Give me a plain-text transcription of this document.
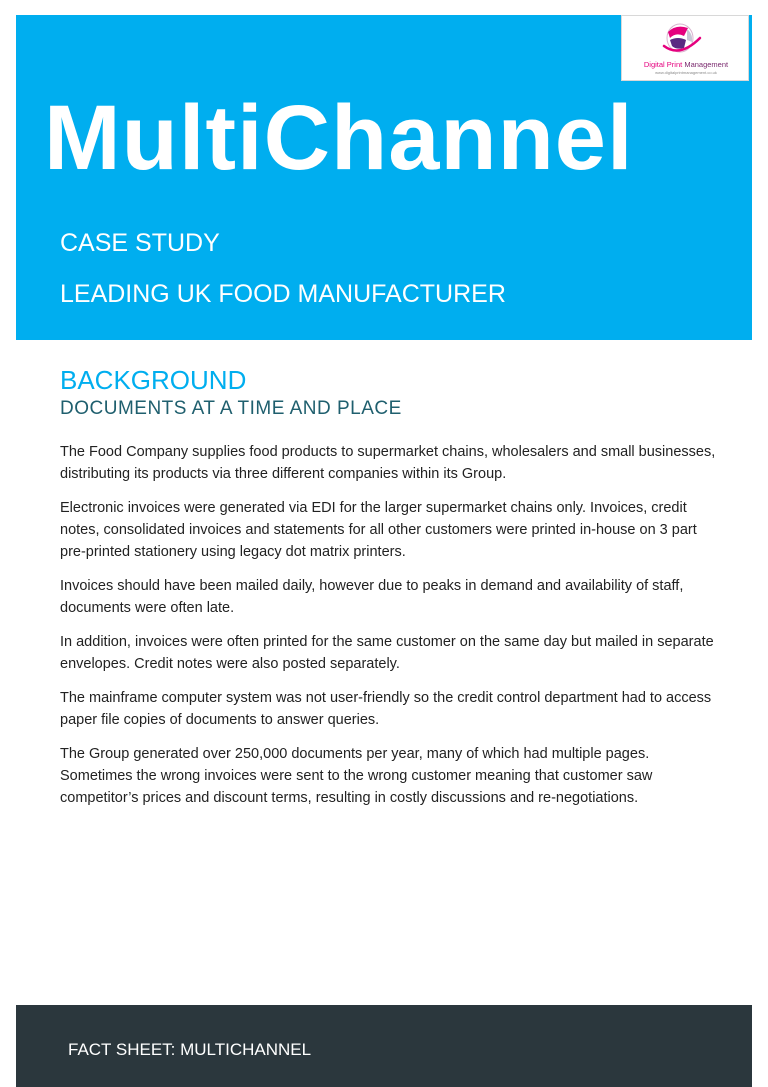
Digital Print Management
www.digitalprintmanagement.co.uk
MultiChannel
CASE STUDY
LEADING UK FOOD MANUFACTURER
BACKGROUND
DOCUMENTS AT A TIME AND PLACE

The Food Company supplies food products to supermarket chains, wholesalers and small businesses, distributing its products via three different companies within its Group.

Electronic invoices were generated via EDI for the larger supermarket chains only. Invoices, credit notes, consolidated invoices and statements for all other customers were printed in-house on 3 part pre-printed stationery using legacy dot matrix printers.

Invoices should have been mailed daily, however due to peaks in demand and availability of staff, documents were often late.

In addition, invoices were often printed for the same customer on the same day but mailed in separate envelopes. Credit notes were also posted separately.

The mainframe computer system was not user-friendly so the credit control department had to access paper file copies of documents to answer queries.

The Group generated over 250,000 documents per year, many of which had multiple pages. Sometimes the wrong invoices were sent to the wrong customer meaning that customer saw competitor’s prices and discount terms, resulting in costly discussions and re-negotiations.

FACT SHEET: MULTICHANNEL
